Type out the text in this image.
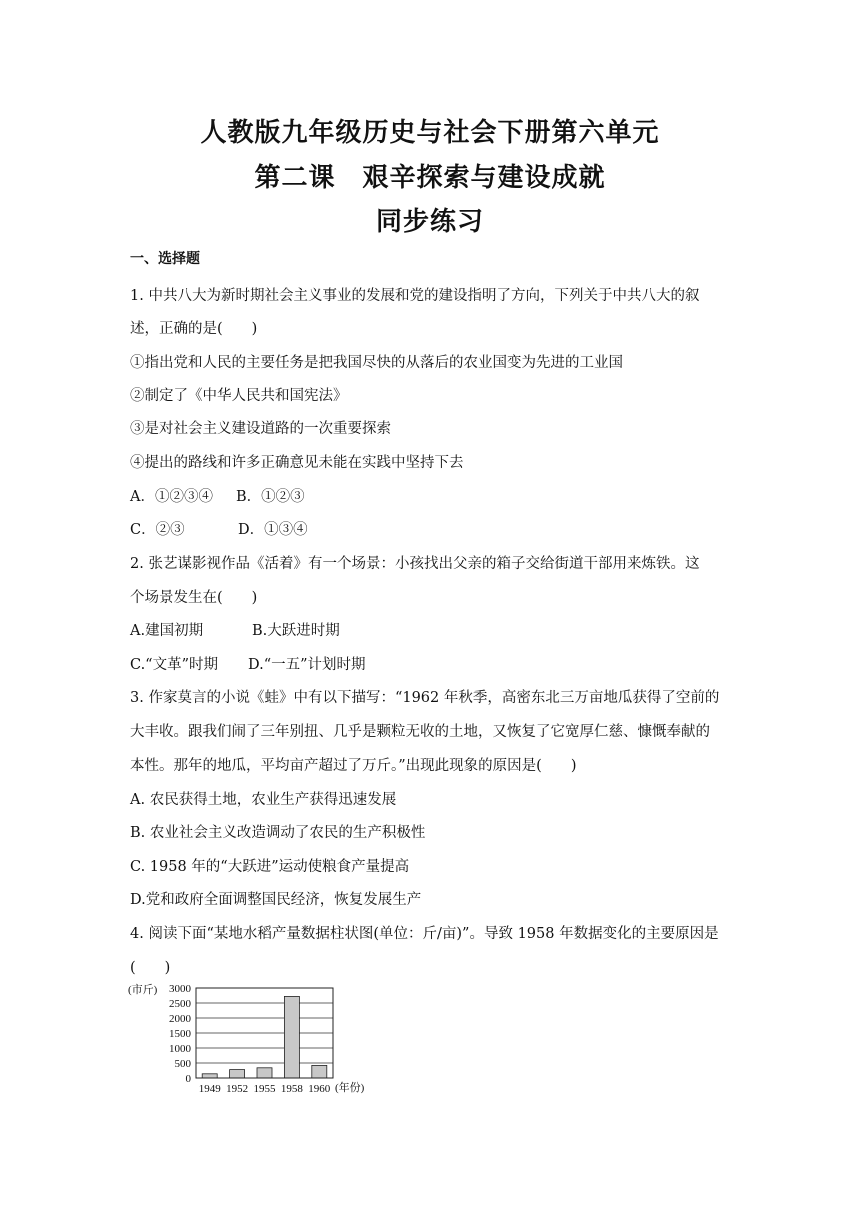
人教版九年级历史与社会下册第六单元
第二课　艰辛探索与建设成就
同步练习
一、选择题
1. 中共八大为新时期社会主义事业的发展和党的建设指明了方向，下列关于中共八大的叙
述，正确的是(　　)
①指出党和人民的主要任务是把我国尽快的从落后的农业国变为先进的工业国
②制定了《中华人民共和国宪法》
③是对社会主义建设道路的一次重要探索
④提出的路线和许多正确意见未能在实践中坚持下去
A．①②③④ B．①②③
C．②③	D．①③④
2. 张艺谋影视作品《活着》有一个场景：小孩找出父亲的箱子交给街道干部用来炼铁。这
个场景发生在(　　)
A.建国初期	B.大跃进时期
C.“文革”时期 D.“一五”计划时期
3. 作家莫言的小说《蛙》中有以下描写：“1962 年秋季，高密东北三万亩地瓜获得了空前的
大丰收。跟我们闹了三年别扭、几乎是颗粒无收的土地，又恢复了它宽厚仁慈、慷慨奉献的
本性。那年的地瓜，平均亩产超过了万斤。”出现此现象的原因是(　　)
A. 农民获得土地，农业生产获得迅速发展
B. 农业社会主义改造调动了农民的生产积极性
C. 1958 年的“大跃进”运动使粮食产量提高
D.党和政府全面调整国民经济，恢复发展生产
4. 阅读下面“某地水稻产量数据柱状图(单位：斤/亩)”。导致 1958 年数据变化的主要原因是
(　　)
(市斤)
0
500
1000
1500
2000
2500
3000
1949 1952 1955 1958 1960 (年份)
